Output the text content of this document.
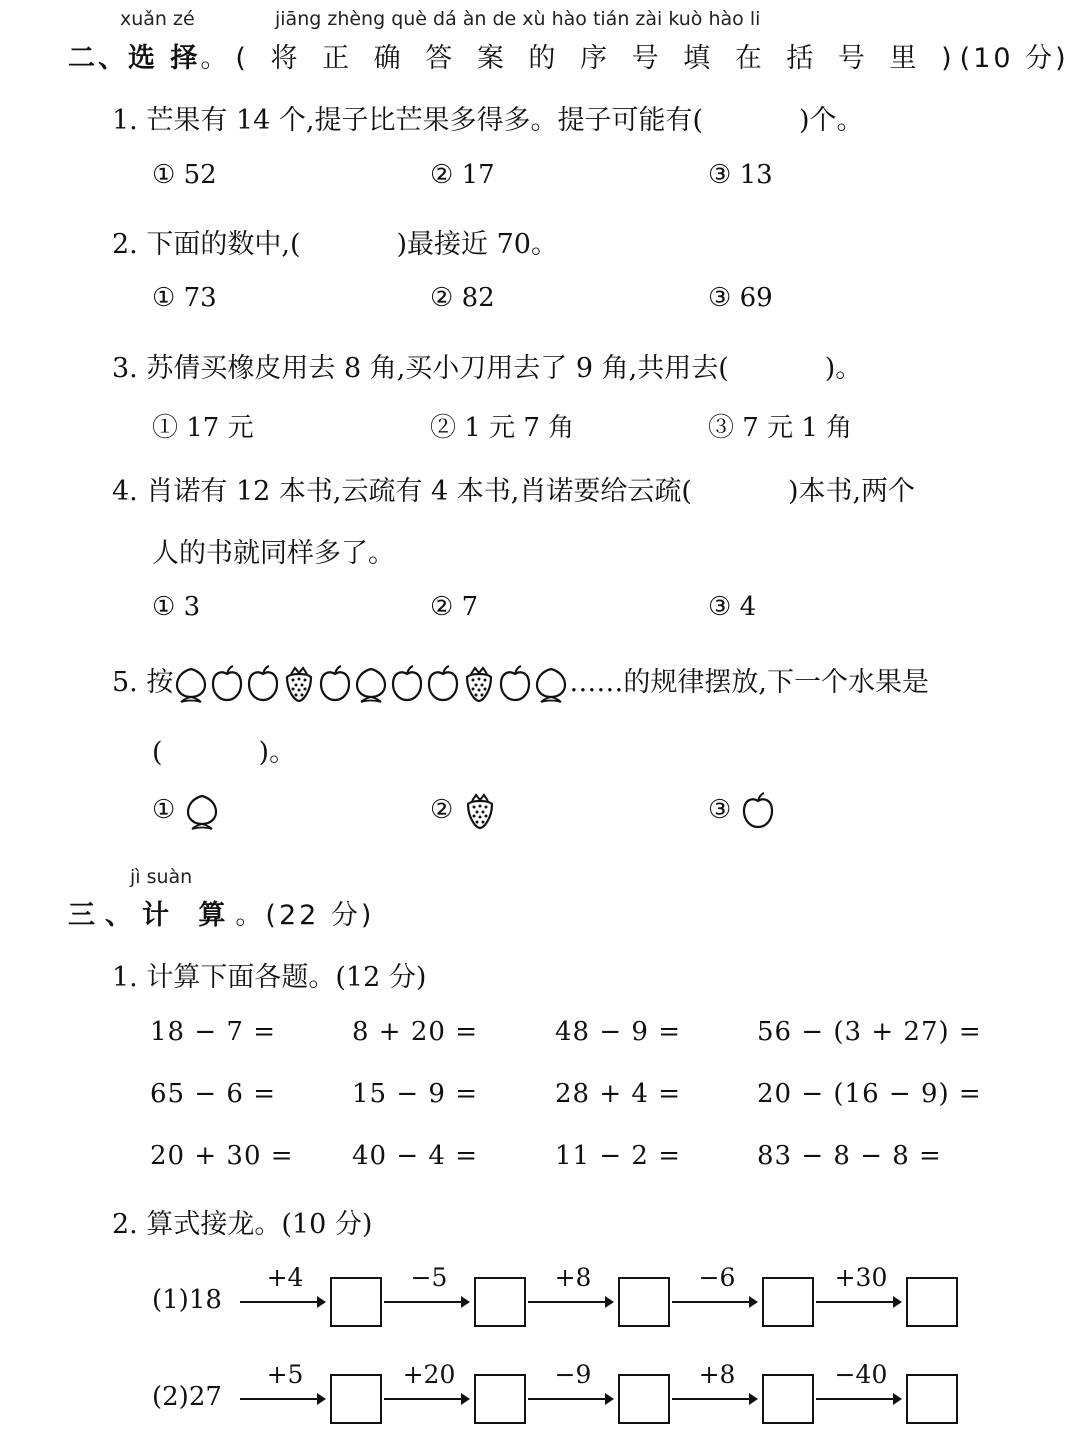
xuǎn zé	jiāng zhèng què dá àn de xù hào tián zài kuò hào li
二、选 择。( 将 正 确 答 案 的 序 号 填 在 括 号 里 )(10 分)
1. 芒果有 14 个,提子比芒果多得多。提子可能有(	)个。
① 52	② 17	③ 13
2. 下面的数中,(	)最接近 70。
① 73	② 82	③ 69
3. 苏倩买橡皮用去 8 角,买小刀用去了 9 角,共用去(	)。
① 17 元	② 1 元 7 角	③ 7 元 1 角
4. 肖诺有 12 本书,云疏有 4 本书,肖诺要给云疏(	)本书,两个
人的书就同样多了。
① 3	② 7	③ 4
5. 按	……的规律摆放,下一个水果是
(	)。
①	②	③
jì suàn
三、计 算。(22 分)
1. 计算下面各题。(12 分)
18 − 7 =	8 + 20 =	48 − 9 =	56 − (3 + 27) =
65 − 6 =	15 − 9 =	28 + 4 =	20 − (16 − 9) =
20 + 30 = 40 − 4 =	11 − 2 =	83 − 8 − 8 =
2. 算式接龙。(10 分)
(1)18
+4	−5	+8	−6	+30
(2)27
+5	+20	−9	+8	−40
